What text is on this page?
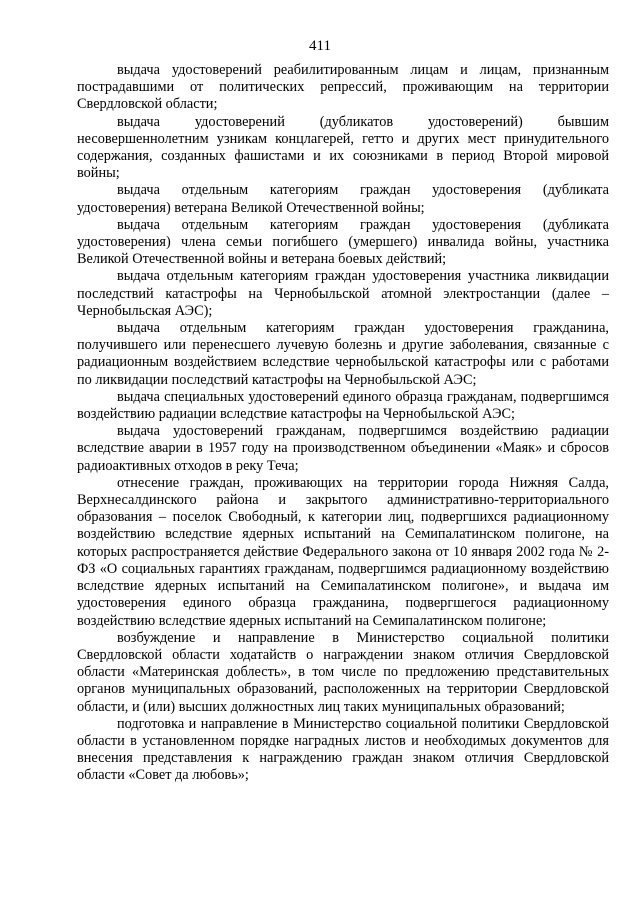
411

выдача удостоверений реабилитированным лицам и лицам, признанным пострадавшими от политических репрессий, проживающим на территории Свердловской области;

выдача удостоверений (дубликатов удостоверений) бывшим несовершеннолетним узникам концлагерей, гетто и других мест принудительного содержания, созданных фашистами и их союзниками в период Второй мировой войны;

выдача отдельным категориям граждан удостоверения (дубликата удостоверения) ветерана Великой Отечественной войны;

выдача отдельным категориям граждан удостоверения (дубликата удостоверения) члена семьи погибшего (умершего) инвалида войны, участника Великой Отечественной войны и ветерана боевых действий;

выдача отдельным категориям граждан удостоверения участника ликвидации последствий катастрофы на Чернобыльской атомной электростанции (далее – Чернобыльская АЭС);

выдача отдельным категориям граждан удостоверения гражданина, получившего или перенесшего лучевую болезнь и другие заболевания, связанные с радиационным воздействием вследствие чернобыльской катастрофы или с работами по ликвидации последствий катастрофы на Чернобыльской АЭС;

выдача специальных удостоверений единого образца гражданам, подвергшимся воздействию радиации вследствие катастрофы на Чернобыльской АЭС;

выдача удостоверений гражданам, подвергшимся воздействию радиации вследствие аварии в 1957 году на производственном объединении «Маяк» и сбросов радиоактивных отходов в реку Теча;

отнесение граждан, проживающих на территории города Нижняя Салда, Верхнесалдинского района и закрытого административно-территориального образования – поселок Свободный, к категории лиц, подвергшихся радиационному воздействию вследствие ядерных испытаний на Семипалатинском полигоне, на которых распространяется действие Федерального закона от 10 января 2002 года № 2-ФЗ «О социальных гарантиях гражданам, подвергшимся радиационному воздействию вследствие ядерных испытаний на Семипалатинском полигоне», и выдача им удостоверения единого образца гражданина, подвергшегося радиационному воздействию вследствие ядерных испытаний на Семипалатинском полигоне;

возбуждение и направление в Министерство социальной политики Свердловской области ходатайств о награждении знаком отличия Свердловской области «Материнская доблесть», в том числе по предложению представительных органов муниципальных образований, расположенных на территории Свердловской области, и (или) высших должностных лиц таких муниципальных образований;

подготовка и направление в Министерство социальной политики Свердловской области в установленном порядке наградных листов и необходимых документов для внесения представления к награждению граждан знаком отличия Свердловской области «Совет да любовь»;
